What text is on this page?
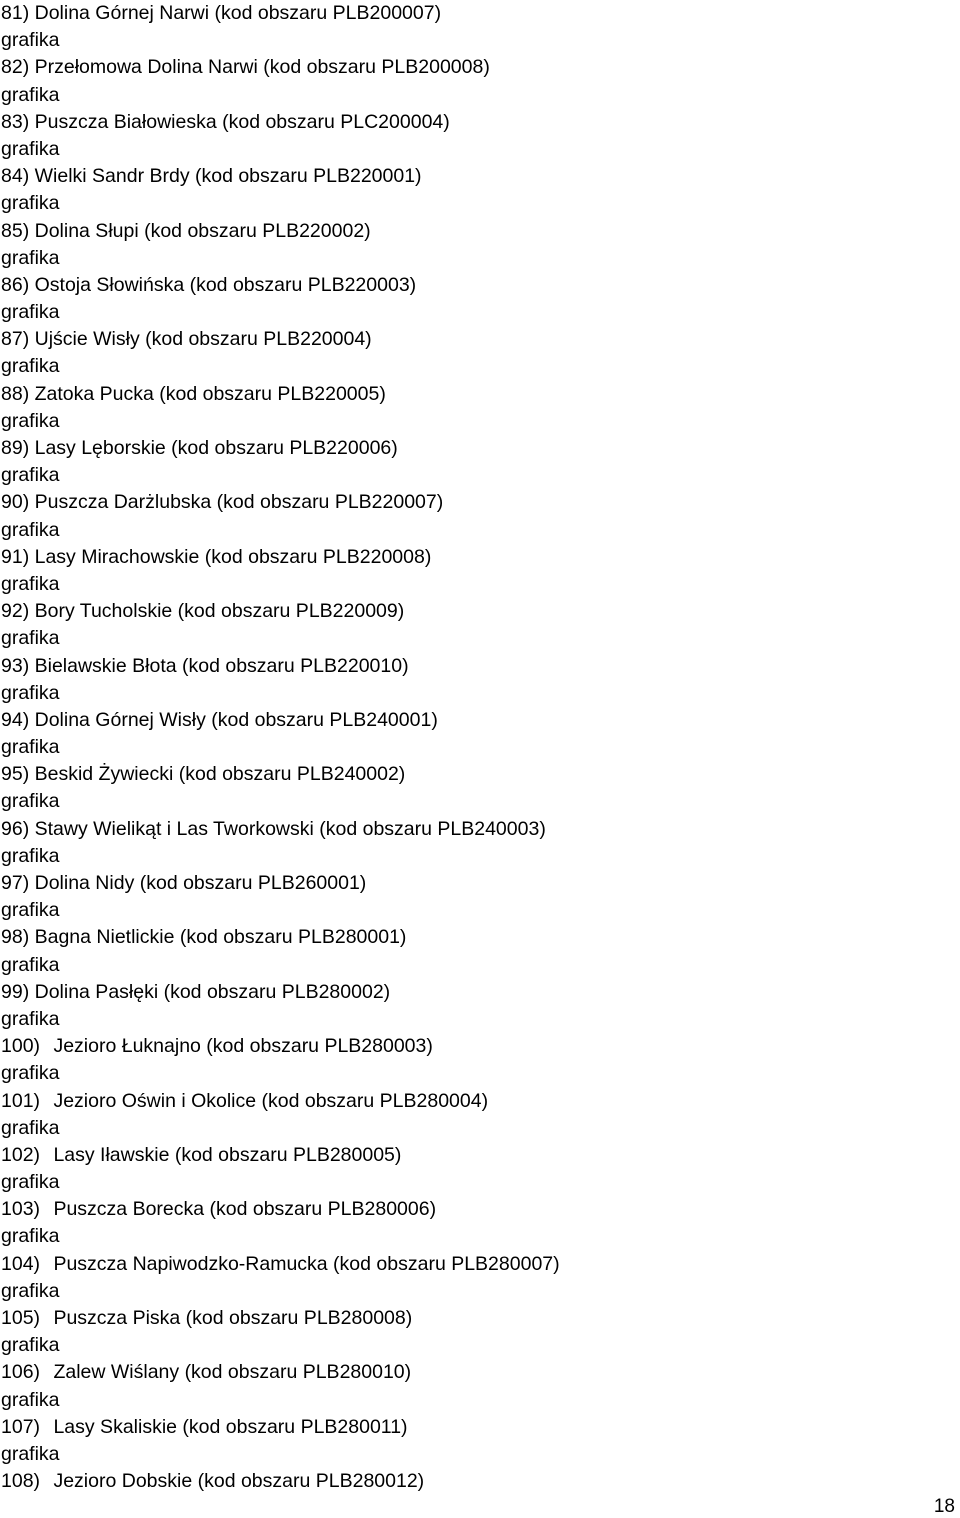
81) Dolina Górnej Narwi (kod obszaru PLB200007)
grafika
82) Przełomowa Dolina Narwi (kod obszaru PLB200008)
grafika
83) Puszcza Białowieska (kod obszaru PLC200004)
grafika
84) Wielki Sandr Brdy (kod obszaru PLB220001)
grafika
85) Dolina Słupi (kod obszaru PLB220002)
grafika
86) Ostoja Słowińska (kod obszaru PLB220003)
grafika
87) Ujście Wisły (kod obszaru PLB220004)
grafika
88) Zatoka Pucka (kod obszaru PLB220005)
grafika
89) Lasy Lęborskie (kod obszaru PLB220006)
grafika
90) Puszcza Darżlubska (kod obszaru PLB220007)
grafika
91) Lasy Mirachowskie (kod obszaru PLB220008)
grafika
92) Bory Tucholskie (kod obszaru PLB220009)
grafika
93) Bielawskie Błota (kod obszaru PLB220010)
grafika
94) Dolina Górnej Wisły (kod obszaru PLB240001)
grafika
95) Beskid Żywiecki (kod obszaru PLB240002)
grafika
96) Stawy Wielikąt i Las Tworkowski (kod obszaru PLB240003)
grafika
97) Dolina Nidy (kod obszaru PLB260001)
grafika
98) Bagna Nietlickie (kod obszaru PLB280001)
grafika
99) Dolina Pasłęki (kod obszaru PLB280002)
grafika
100) Jezioro Łuknajno (kod obszaru PLB280003)
grafika
101) Jezioro Oświn i Okolice (kod obszaru PLB280004)
grafika
102) Lasy Iławskie (kod obszaru PLB280005)
grafika
103) Puszcza Borecka (kod obszaru PLB280006)
grafika
104) Puszcza Napiwodzko-Ramucka (kod obszaru PLB280007)
grafika
105) Puszcza Piska (kod obszaru PLB280008)
grafika
106) Zalew Wiślany (kod obszaru PLB280010)
grafika
107) Lasy Skaliskie (kod obszaru PLB280011)
grafika
108) Jezioro Dobskie (kod obszaru PLB280012)
18
